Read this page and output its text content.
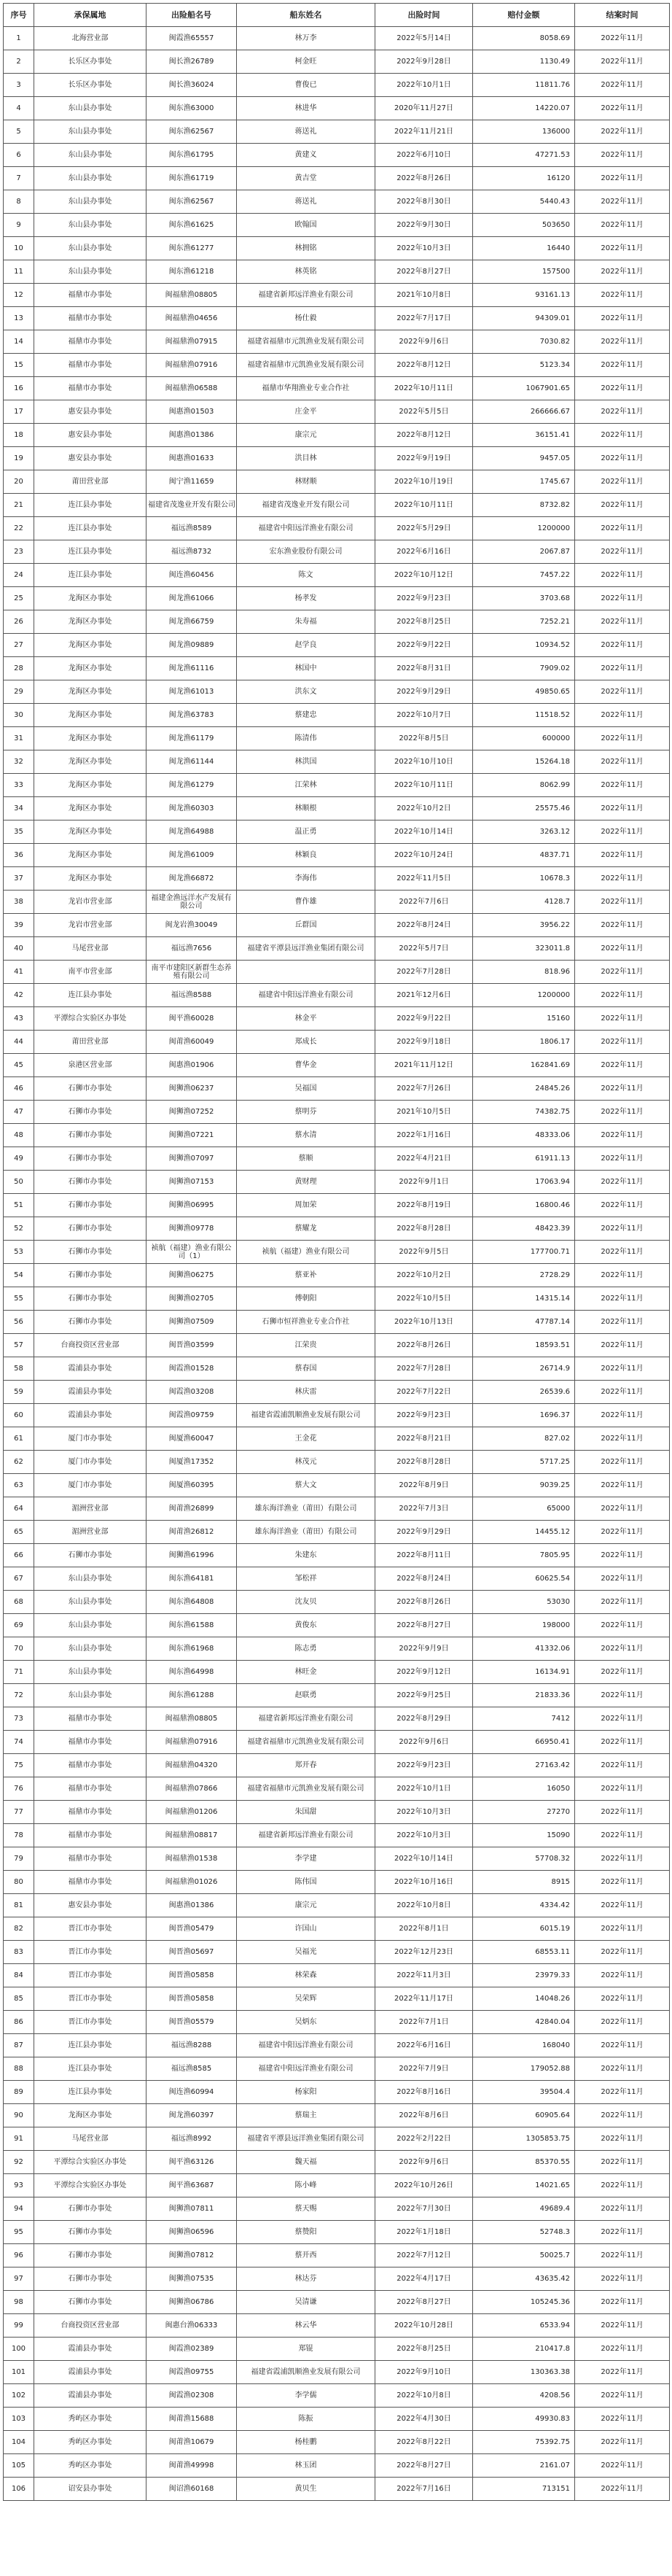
序号	承保属地	出险船名号	船东姓名	出险时间	赔付金额	结案时间
1	北海营业部	闽霞渔65557	林万李	2022年5月14日	8058.69	2022年11月
2	长乐区办事处	闽长渔26789	柯金旺	2022年9月28日	1130.49	2022年11月
3	长乐区办事处	闽长渔36024	曹俊已	2022年10月1日	11811.76	2022年11月
4	东山县办事处	闽东渔63000	林进华	2020年11月27日	14220.07	2022年11月
5	东山县办事处	闽东渔62567	蒋送礼	2022年11月21日	136000	2022年11月
6	东山县办事处	闽东渔61795	黄建义	2022年6月10日	47271.53	2022年11月
7	东山县办事处	闽东渔61719	黄吉堂	2022年8月26日	16120	2022年11月
8	东山县办事处	闽东渔62567	蒋送礼	2022年8月30日	5440.43	2022年11月
9	东山县办事处	闽东渔61625	欧翰国	2022年9月30日	503650	2022年11月
10	东山县办事处	闽东渔61277	林拥铭	2022年10月3日	16440	2022年11月
11	东山县办事处	闽东渔61218	林英铭	2022年8月27日	157500	2022年11月
12	福鼎市办事处	闽福鼎渔08805	福建省新邦远洋渔业有限公司	2021年10月8日	93161.13	2022年11月
13	福鼎市办事处	闽福鼎渔04656	杨仕毅	2022年7月17日	94309.01	2022年11月
14	福鼎市办事处	闽福鼎渔07915	福建省福鼎市元凯渔业发展有限公司	2022年9月6日	7030.82	2022年11月
15	福鼎市办事处	闽福鼎渔07916	福建省福鼎市元凯渔业发展有限公司	2022年8月12日	5123.34	2022年11月
16	福鼎市办事处	闽福鼎渔06588	福鼎市华翔渔业专业合作社	2022年10月11日	1067901.65	2022年11月
17	惠安县办事处	闽惠渔01503	庄金平	2022年5月5日	266666.67	2022年11月
18	惠安县办事处	闽惠渔01386	康宗元	2022年8月12日	36151.41	2022年11月
19	惠安县办事处	闽惠渔01633	洪目林	2022年9月19日	9457.05	2022年11月
20	莆田营业部	闽宁渔11659	林财顺	2022年10月19日	1745.67	2022年11月
21	连江县办事处	福建省茂逸业开发有限公司	福建省茂逸业开发有限公司	2022年10月11日	8732.82	2022年11月
22	连江县办事处	福远渔8589	福建省中阳远洋渔业有限公司	2022年5月29日	1200000	2022年11月
23	连江县办事处	福远渔8732	宏东渔业股份有限公司	2022年6月16日	2067.87	2022年11月
24	连江县办事处	闽连渔60456	陈文	2022年10月12日	7457.22	2022年11月
25	龙海区办事处	闽龙渔61066	杨孝发	2022年9月23日	3703.68	2022年11月
26	龙海区办事处	闽龙渔66759	朱寿福	2022年8月25日	7252.21	2022年11月
27	龙海区办事处	闽龙渔09889	赵学良	2022年9月22日	10934.52	2022年11月
28	龙海区办事处	闽龙渔61116	林国中	2022年8月31日	7909.02	2022年11月
29	龙海区办事处	闽龙渔61013	洪东文	2022年9月29日	49850.65	2022年11月
30	龙海区办事处	闽龙渔63783	蔡建忠	2022年10月7日	11518.52	2022年11月
31	龙海区办事处	闽龙渔61179	陈清伟	2022年8月5日	600000	2022年11月
32	龙海区办事处	闽龙渔61144	林洪国	2022年10月10日	15264.18	2022年11月
33	龙海区办事处	闽龙渔61279	江荣林	2022年10月11日	8062.99	2022年11月
34	龙海区办事处	闽龙渔60303	林顺根	2022年10月2日	25575.46	2022年11月
35	龙海区办事处	闽龙渔64988	温正勇	2022年10月14日	3263.12	2022年11月
36	龙海区办事处	闽龙渔61009	林颖良	2022年10月24日	4837.71	2022年11月
37	龙海区办事处	闽龙渔66872	李海伟	2022年11月5日	10678.3	2022年11月
38	龙岩市营业部	福建金渔远洋水产发展有限公司	曹作雄	2022年7月6日	4128.7	2022年11月
39	龙岩市营业部	闽龙岩渔30049	丘群国	2022年8月24日	3956.22	2022年11月
40	马尾营业部	福远渔7656	福建省平潭县远洋渔业集团有限公司	2022年5月7日	323011.8	2022年11月
41	南平市营业部	南平市建阳区新群生态养殖有限公司		2022年7月28日	818.96	2022年11月
42	连江县办事处	福远渔8588	福建省中阳远洋渔业有限公司	2021年12月6日	1200000	2022年11月
43	平潭综合实验区办事处	闽平渔60028	林金平	2022年9月22日	15160	2022年11月
44	莆田营业部	闽莆渔60049	郑成长	2022年9月18日	1806.17	2022年11月
45	泉港区营业部	闽惠渔01906	曹华金	2021年11月12日	162841.69	2022年11月
46	石狮市办事处	闽狮渔06237	吴福国	2022年7月26日	24845.26	2022年11月
47	石狮市办事处	闽狮渔07252	蔡明芬	2021年10月5日	74382.75	2022年11月
48	石狮市办事处	闽狮渔07221	蔡水清	2022年1月16日	48333.06	2022年11月
49	石狮市办事处	闽狮渔07097	蔡顺	2022年4月21日	61911.13	2022年11月
50	石狮市办事处	闽狮渔07153	黄财理	2022年9月1日	17063.94	2022年11月
51	石狮市办事处	闽狮渔06995	周加荣	2022年8月19日	16800.46	2022年11月
52	石狮市办事处	闽狮渔09778	蔡耀龙	2022年8月28日	48423.39	2022年11月
53	石狮市办事处	祯航（福建）渔业有限公司（1）	祯航（福建）渔业有限公司	2022年9月5日	177700.71	2022年11月
54	石狮市办事处	闽狮渔06275	蔡亚补	2022年10月2日	2728.29	2022年11月
55	石狮市办事处	闽狮渔02705	傅朝阳	2022年10月5日	14315.14	2022年11月
56	石狮市办事处	闽狮渔07509	石狮市恒祥渔业专业合作社	2022年10月13日	47787.14	2022年11月
57	台商投资区营业部	闽晋渔03599	江荣贵	2022年8月26日	18593.51	2022年11月
58	霞浦县办事处	闽霞渔01528	蔡春国	2022年7月28日	26714.9	2022年11月
59	霞浦县办事处	闽霞渔03208	林庆雷	2022年7月22日	26539.6	2022年11月
60	霞浦县办事处	闽霞渔09759	福建省霞浦凯顺渔业发展有限公司	2022年9月23日	1696.37	2022年11月
61	厦门市办事处	闽厦渔60047	王金花	2022年8月21日	827.02	2022年11月
62	厦门市办事处	闽厦渔17352	林茂元	2022年8月28日	5717.25	2022年11月
63	厦门市办事处	闽厦渔60395	蔡大文	2022年8月9日	9039.25	2022年11月
64	湄洲营业部	闽莆渔26899	雄东海洋渔业（莆田）有限公司	2022年7月3日	65000	2022年11月
65	湄洲营业部	闽莆渔26812	雄东海洋渔业（莆田）有限公司	2022年9月29日	14455.12	2022年11月
66	石狮市办事处	闽狮渔61996	朱建东	2022年8月11日	7805.95	2022年11月
67	东山县办事处	闽东渔64181	邹松祥	2022年8月24日	60625.54	2022年11月
68	东山县办事处	闽东渔64808	沈友贝	2022年8月26日	53030	2022年11月
69	东山县办事处	闽东渔61588	黄俊东	2022年8月27日	198000	2022年11月
70	东山县办事处	闽东渔61968	陈志勇	2022年9月9日	41332.06	2022年11月
71	东山县办事处	闽东渔64998	林旺金	2022年9月12日	16134.91	2022年11月
72	东山县办事处	闽东渔61288	赵联勇	2022年9月25日	21833.36	2022年11月
73	福鼎市办事处	闽福鼎渔08805	福建省新邦远洋渔业有限公司	2022年8月29日	7412	2022年11月
74	福鼎市办事处	闽福鼎渔07916	福建省福鼎市元凯渔业发展有限公司	2022年9月6日	66950.41	2022年11月
75	福鼎市办事处	闽福鼎渔04320	郑开春	2022年9月23日	27163.42	2022年11月
76	福鼎市办事处	闽福鼎渔07866	福建省福鼎市元凯渔业发展有限公司	2022年10月1日	16050	2022年11月
77	福鼎市办事处	闽福鼎渔01206	朱国甜	2022年10月3日	27270	2022年11月
78	福鼎市办事处	闽福鼎渔08817	福建省新邦远洋渔业有限公司	2022年10月3日	15090	2022年11月
79	福鼎市办事处	闽福鼎渔01538	李学建	2022年10月14日	57708.32	2022年11月
80	福鼎市办事处	闽福鼎渔01026	陈伟国	2022年10月16日	8915	2022年11月
81	惠安县办事处	闽惠渔01386	康宗元	2022年10月8日	4334.42	2022年11月
82	晋江市办事处	闽晋渔05479	许国山	2022年8月1日	6015.19	2022年11月
83	晋江市办事处	闽晋渔05697	吴福光	2022年12月23日	68553.11	2022年11月
84	晋江市办事处	闽晋渔05858	林荣森	2022年11月3日	23979.33	2022年11月
85	晋江市办事处	闽晋渔05858	吴荣辉	2022年11月17日	14048.26	2022年11月
86	晋江市办事处	闽晋渔05579	吴炳东	2022年7月1日	42840.04	2022年11月
87	连江县办事处	福远渔8288	福建省中阳远洋渔业有限公司	2022年6月16日	168040	2022年11月
88	连江县办事处	福远渔8585	福建省中阳远洋渔业有限公司	2022年7月9日	179052.88	2022年11月
89	连江县办事处	闽连渔60994	杨家阳	2022年8月16日	39504.4	2022年11月
90	龙海区办事处	闽龙渔60397	蔡瑞主	2022年8月6日	60905.64	2022年11月
91	马尾营业部	福远渔8992	福建省平潭县远洋渔业集团有限公司	2022年2月22日	1305853.75	2022年11月
92	平潭综合实验区办事处	闽平渔63126	魏天福	2022年9月6日	85370.55	2022年11月
93	平潭综合实验区办事处	闽平渔63687	陈小峰	2022年10月26日	14021.65	2022年11月
94	石狮市办事处	闽狮渔07811	蔡天赐	2022年7月30日	49689.4	2022年11月
95	石狮市办事处	闽狮渔06596	蔡赞阳	2022年1月18日	52748.3	2022年11月
96	石狮市办事处	闽狮渔07812	蔡开西	2022年7月12日	50025.7	2022年11月
97	石狮市办事处	闽狮渔07535	林达芬	2022年4月17日	43635.42	2022年11月
98	石狮市办事处	闽狮渔06786	吴清谦	2022年8月27日	105245.36	2022年11月
99	台商投资区营业部	闽惠台渔06333	林云华	2022年10月28日	6533.94	2022年11月
100	霞浦县办事处	闽霞渔02389	郑锟	2022年8月25日	210417.8	2022年11月
101	霞浦县办事处	闽霞渔09755	福建省霞浦凯顺渔业发展有限公司	2022年9月10日	130363.38	2022年11月
102	霞浦县办事处	闽霞渔02308	李学儒	2022年10月8日	4208.56	2022年11月
103	秀屿区办事处	闽莆渔15688	陈振	2022年4月30日	49930.83	2022年11月
104	秀屿区办事处	闽莆渔10679	杨桂鹏	2022年8月22日	75392.75	2022年11月
105	秀屿区办事处	闽莆渔49998	林玉团	2022年8月27日	2161.07	2022年11月
106	诏安县办事处	闽诏渔60168	黄贝生	2022年7月16日	713151	2022年11月
